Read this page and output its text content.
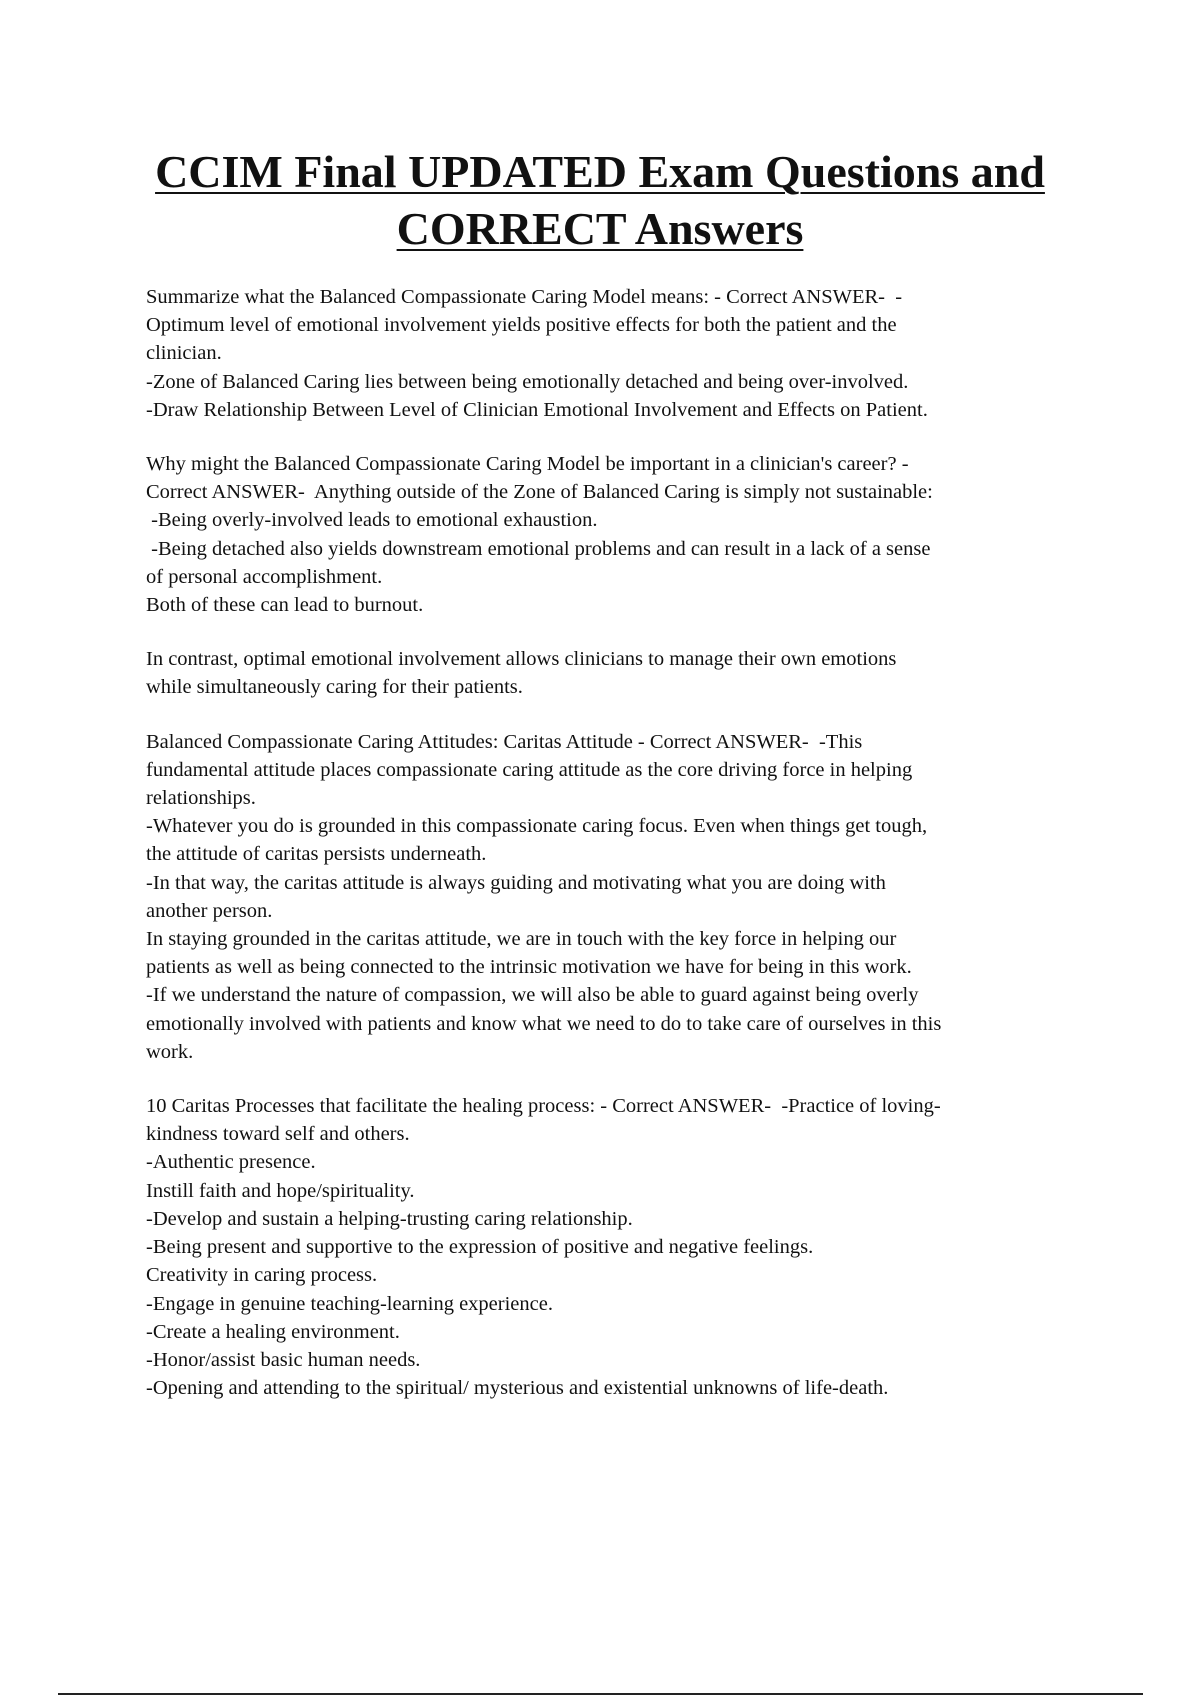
CCIM Final UPDATED Exam Questions and
CORRECT Answers
Summarize what the Balanced Compassionate Caring Model means: - Correct ANSWER-  -
Optimum level of emotional involvement yields positive effects for both the patient and the
clinician.
-Zone of Balanced Caring lies between being emotionally detached and being over-involved.
-Draw Relationship Between Level of Clinician Emotional Involvement and Effects on Patient.
Why might the Balanced Compassionate Caring Model be important in a clinician's career? -
Correct ANSWER-  Anything outside of the Zone of Balanced Caring is simply not sustainable:
-Being overly-involved leads to emotional exhaustion.
-Being detached also yields downstream emotional problems and can result in a lack of a sense
of personal accomplishment.
Both of these can lead to burnout.
In contrast, optimal emotional involvement allows clinicians to manage their own emotions
while simultaneously caring for their patients.
Balanced Compassionate Caring Attitudes: Caritas Attitude - Correct ANSWER-  -This
fundamental attitude places compassionate caring attitude as the core driving force in helping
relationships.
-Whatever you do is grounded in this compassionate caring focus. Even when things get tough,
the attitude of caritas persists underneath.
-In that way, the caritas attitude is always guiding and motivating what you are doing with
another person.
In staying grounded in the caritas attitude, we are in touch with the key force in helping our
patients as well as being connected to the intrinsic motivation we have for being in this work.
-If we understand the nature of compassion, we will also be able to guard against being overly
emotionally involved with patients and know what we need to do to take care of ourselves in this
work.
10 Caritas Processes that facilitate the healing process: - Correct ANSWER-  -Practice of loving-
kindness toward self and others.
-Authentic presence.
Instill faith and hope/spirituality.
-Develop and sustain a helping-trusting caring relationship.
-Being present and supportive to the expression of positive and negative feelings.
Creativity in caring process.
-Engage in genuine teaching-learning experience.
-Create a healing environment.
-Honor/assist basic human needs.
-Opening and attending to the spiritual/ mysterious and existential unknowns of life-death.
